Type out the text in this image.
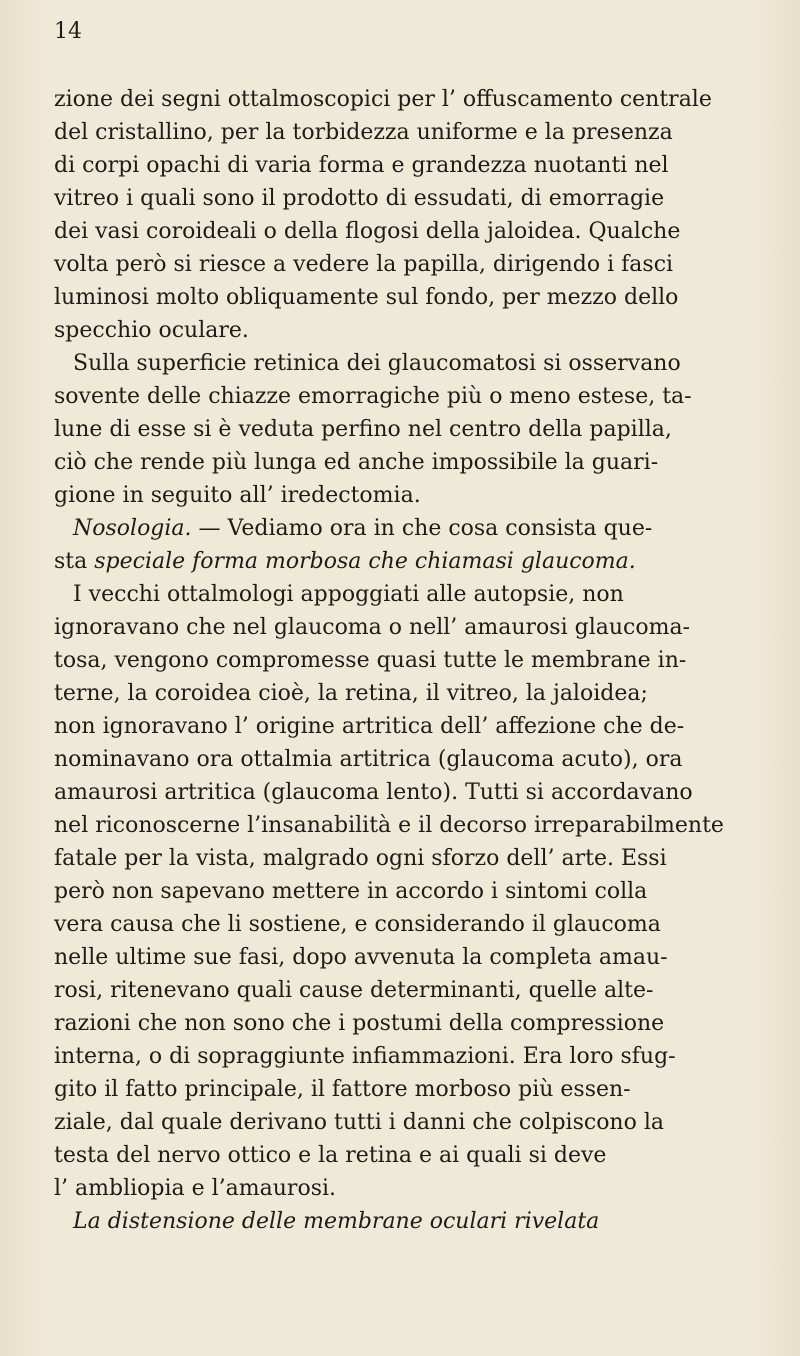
14
zione dei segni ottalmoscopici per l’ offuscamento centrale
del cristallino, per la torbidezza uniforme e la presenza
di corpi opachi di varia forma e grandezza nuotanti nel
vitreo i quali sono il prodotto di essudati, di emorragie
dei vasi coroideali o della flogosi della jaloidea. Qualche
volta però si riesce a vedere la papilla, dirigendo i fasci
luminosi molto obliquamente sul fondo, per mezzo dello
specchio oculare.
Sulla superficie retinica dei glaucomatosi si osservano
sovente delle chiazze emorragiche più o meno estese, ta-
lune di esse si è veduta perfino nel centro della papilla,
ciò che rende più lunga ed anche impossibile la guari-
gione in seguito all’ iredectomia.
Nosologia. — Vediamo ora in che cosa consista que-
sta speciale forma morbosa che chiamasi glaucoma.
I vecchi ottalmologi appoggiati alle autopsie, non
ignoravano che nel glaucoma o nell’ amaurosi glaucoma-
tosa, vengono compromesse quasi tutte le membrane in-
terne, la coroidea cioè, la retina, il vitreo, la jaloidea;
non ignoravano l’ origine artritica dell’ affezione che de-
nominavano ora ottalmia artitrica (glaucoma acuto), ora
amaurosi artritica (glaucoma lento). Tutti si accordavano
nel riconoscerne l’insanabilità e il decorso irreparabilmente
fatale per la vista, malgrado ogni sforzo dell’ arte. Essi
però non sapevano mettere in accordo i sintomi colla
vera causa che li sostiene, e considerando il glaucoma
nelle ultime sue fasi, dopo avvenuta la completa amau-
rosi, ritenevano quali cause determinanti, quelle alte-
razioni che non sono che i postumi della compressione
interna, o di sopraggiunte infiammazioni. Era loro sfug-
gito il fatto principale, il fattore morboso più essen-
ziale, dal quale derivano tutti i danni che colpiscono la
testa del nervo ottico e la retina e ai quali si deve
l’ ambliopia e l’amaurosi.
La distensione delle membrane oculari rivelata
